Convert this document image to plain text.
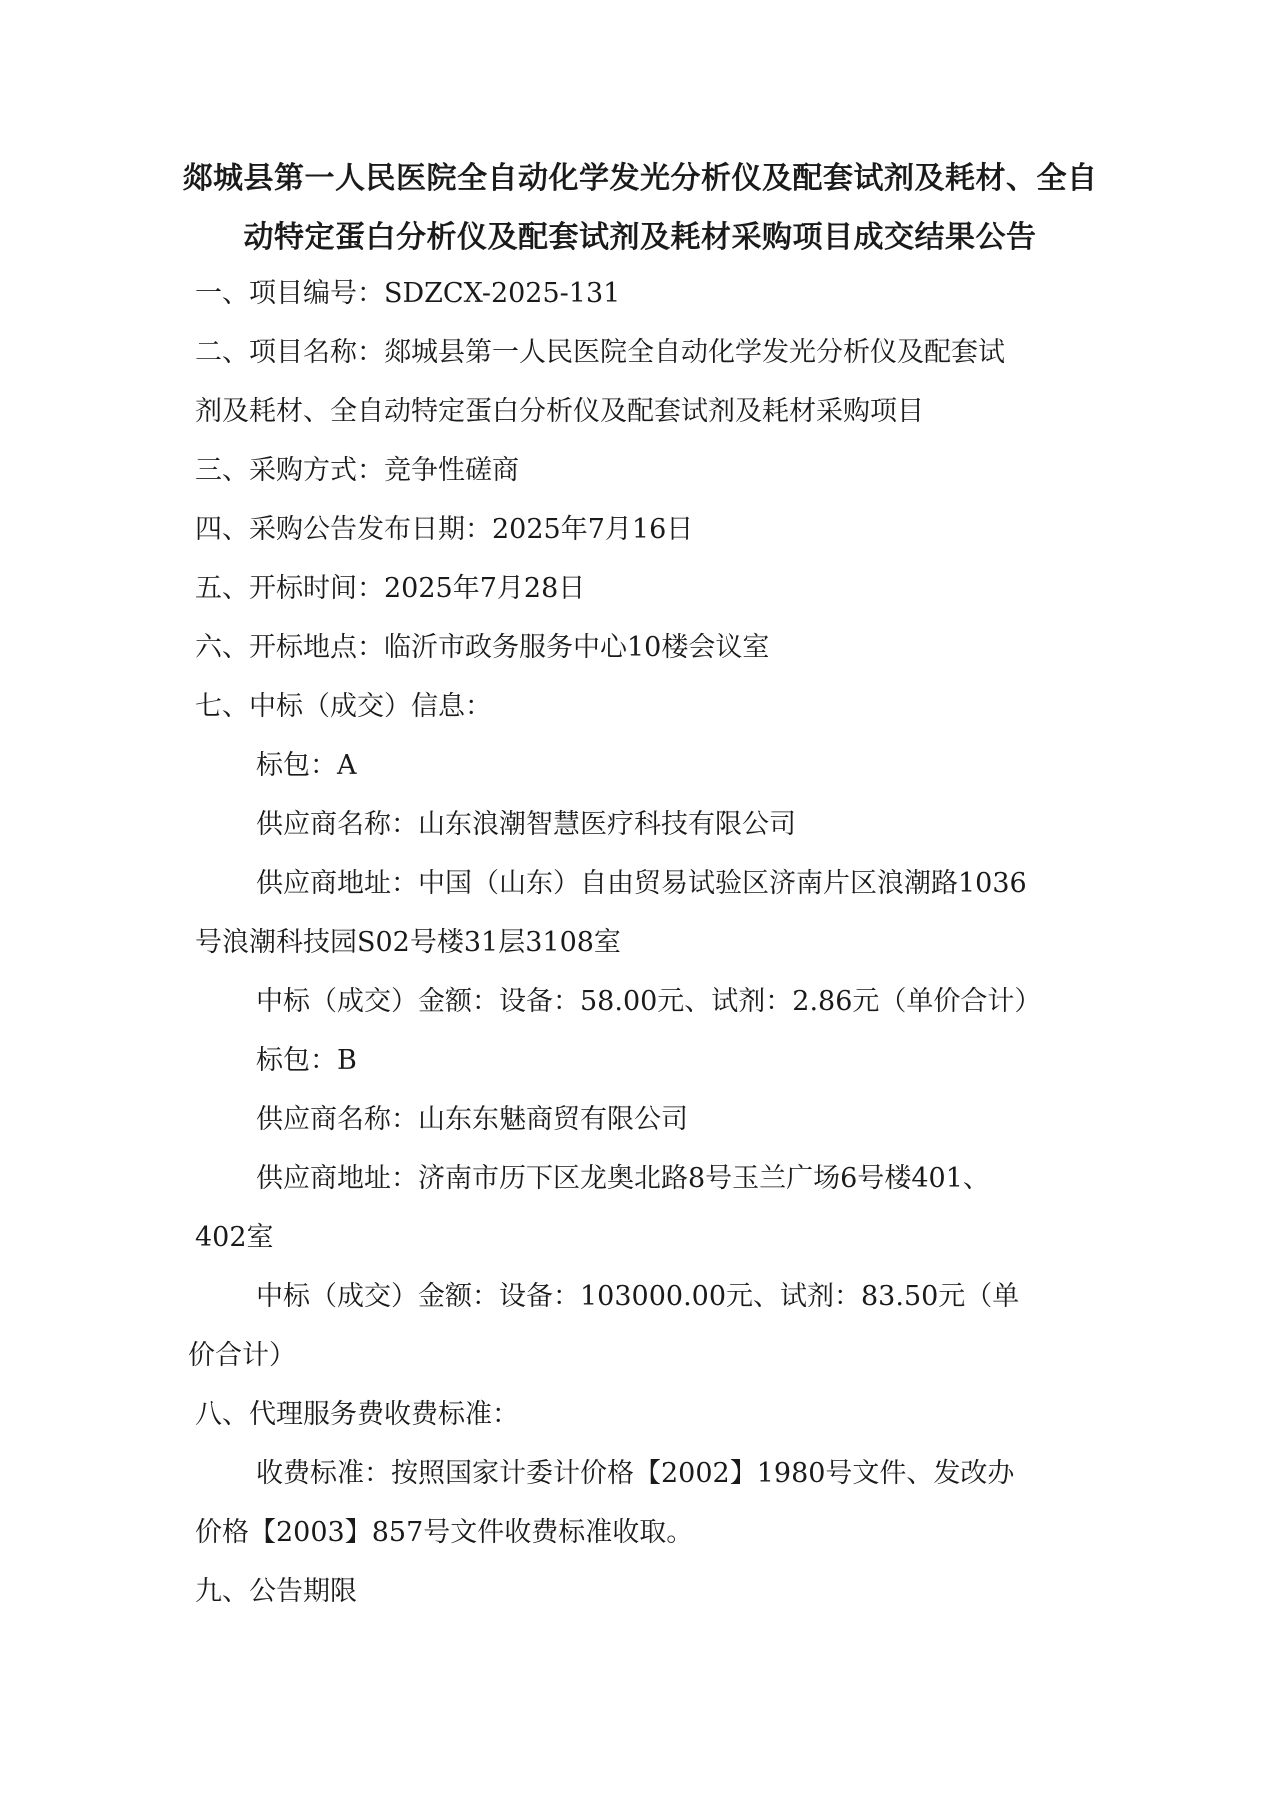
郯城县第一人民医院全自动化学发光分析仪及配套试剂及耗材、全自
动特定蛋白分析仪及配套试剂及耗材采购项目成交结果公告
一、项目编号：SDZCX-2025-131
二、项目名称：郯城县第一人民医院全自动化学发光分析仪及配套试
剂及耗材、全自动特定蛋白分析仪及配套试剂及耗材采购项目
三、采购方式：竞争性磋商
四、采购公告发布日期：2025年7月16日
五、开标时间：2025年7月28日
六、开标地点：临沂市政务服务中心10楼会议室
七、中标（成交）信息：
标包：A
供应商名称：山东浪潮智慧医疗科技有限公司
供应商地址：中国（山东）自由贸易试验区济南片区浪潮路1036
号浪潮科技园S02号楼31层3108室
中标（成交）金额：设备：58.00元、试剂：2.86元（单价合计）
标包：B
供应商名称：山东东魅商贸有限公司
供应商地址：济南市历下区龙奥北路8号玉兰广场6号楼401、
402室
中标（成交）金额：设备：103000.00元、试剂：83.50元（单
价合计）
八、代理服务费收费标准：
收费标准：按照国家计委计价格【2002】1980号文件、发改办
价格【2003】857号文件收费标准收取。
九、公告期限
